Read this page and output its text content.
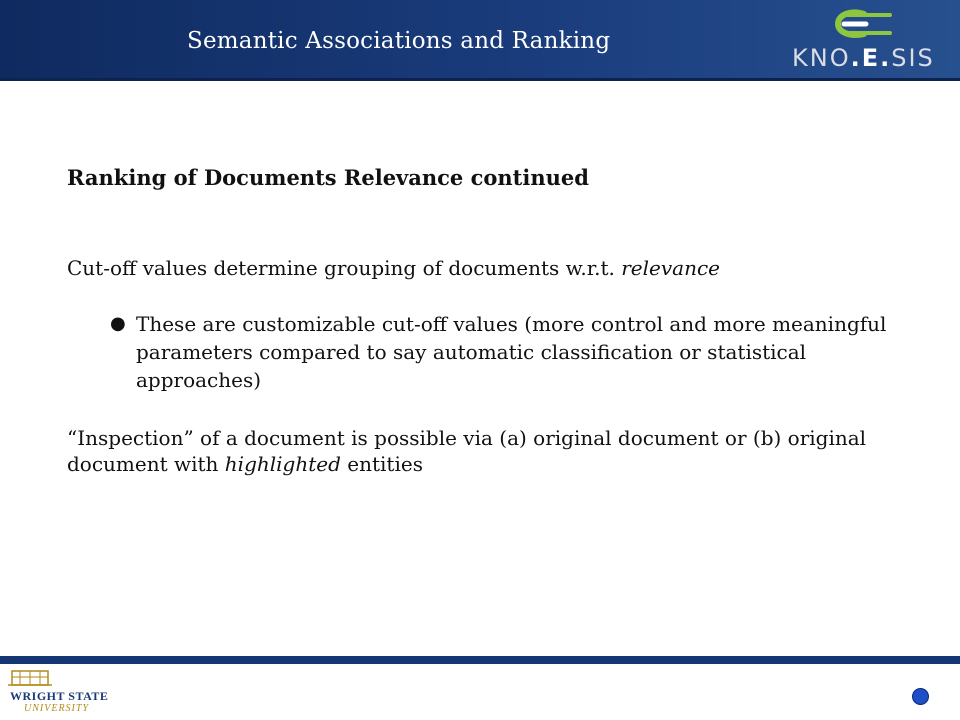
Semantic Associations and Ranking
KNO.E.SIS
Ranking of Documents Relevance continued
Cut-off values determine grouping of documents w.r.t. relevance
● These are customizable cut-off values (more control and more meaningful parameters compared to say automatic classification or statistical approaches)
“Inspection” of a document is possible via (a) original document or (b) original document with highlighted entities
WRIGHT STATE
UNIVERSITY
